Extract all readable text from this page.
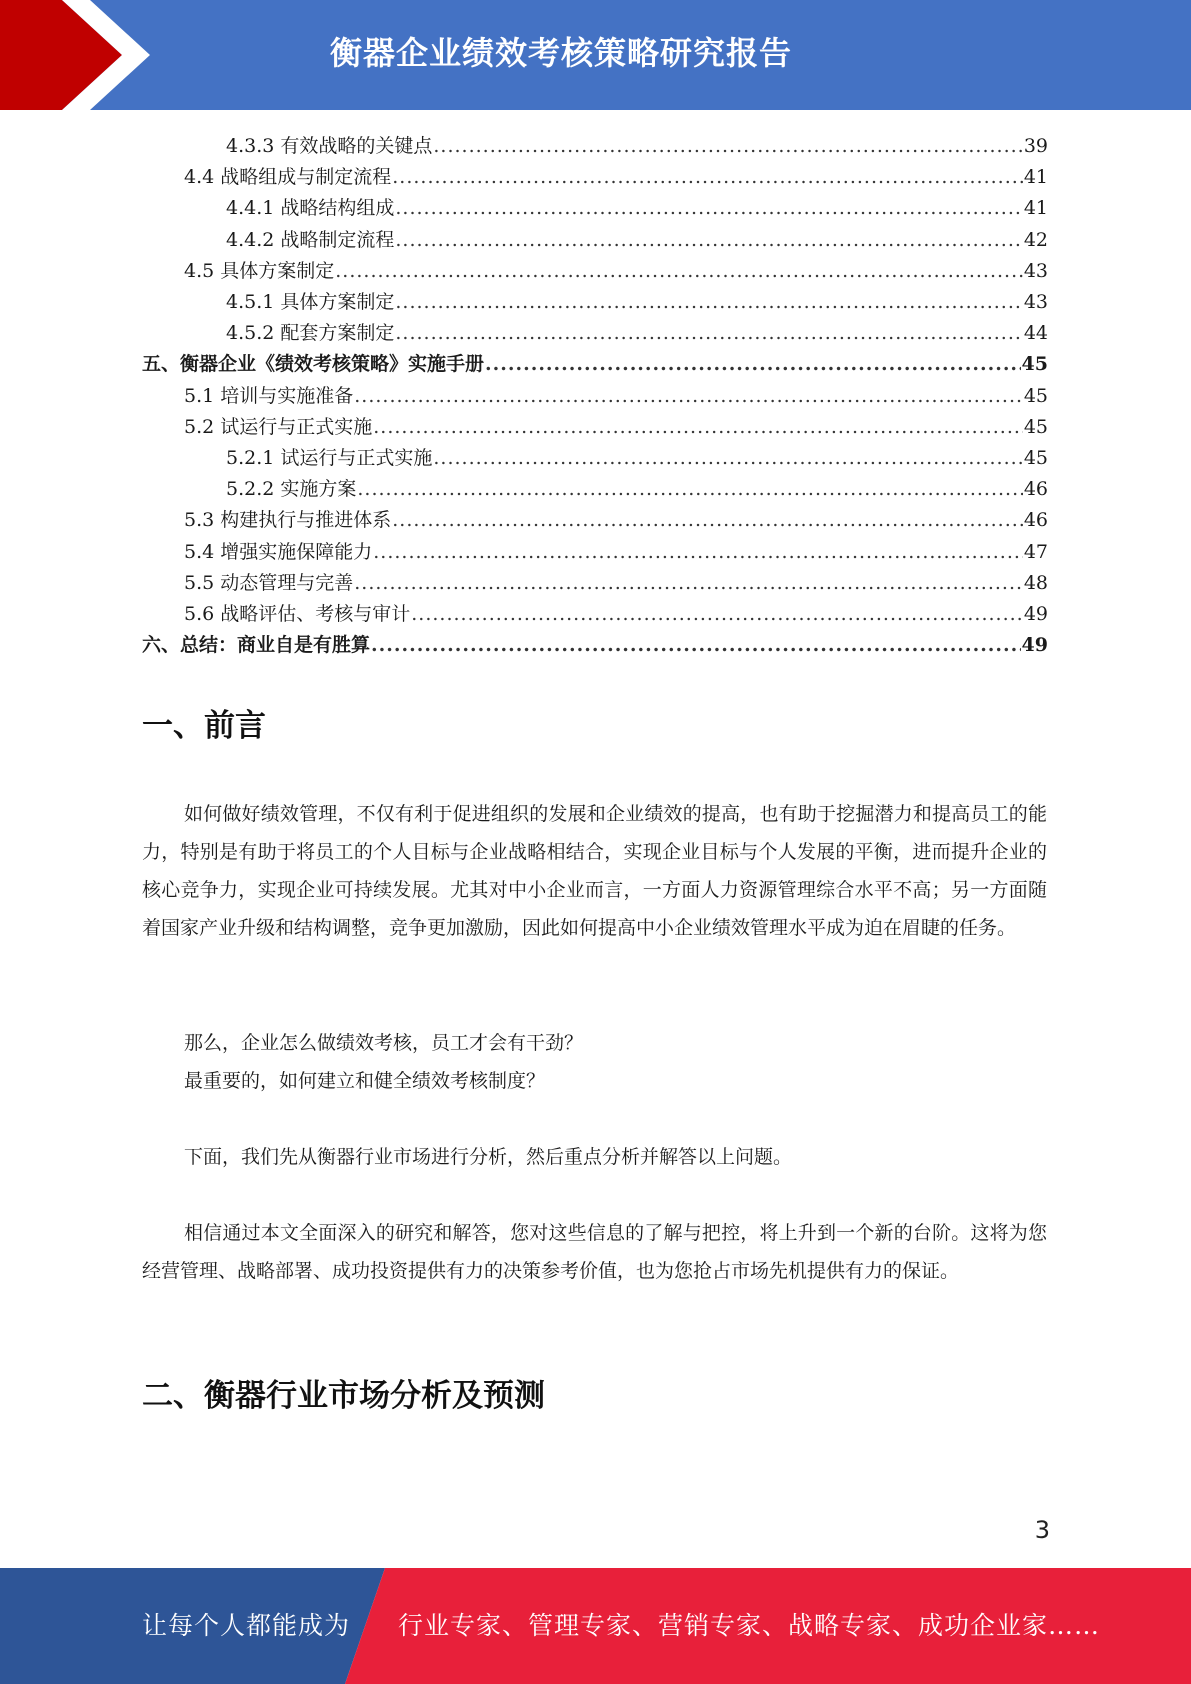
衡器企业绩效考核策略研究报告
4.3.3 有效战略的关键点 .....	39
4.4 战略组成与制定流程 .....	41
4.4.1 战略结构组成 .....	41
4.4.2 战略制定流程 .....	42
4.5 具体方案制定 .....	43
4.5.1 具体方案制定 .....	43
4.5.2 配套方案制定 .....	44
五、衡器企业《绩效考核策略》实施手册 .....	45
5.1 培训与实施准备 .....	45
5.2 试运行与正式实施 .....	45
5.2.1 试运行与正式实施 .....	45
5.2.2 实施方案 .....	46
5.3 构建执行与推进体系 .....	46
5.4 增强实施保障能力 .....	47
5.5 动态管理与完善 .....	48
5.6 战略评估、考核与审计 .....	49
六、总结：商业自是有胜算 .....	49
一、前言

如何做好绩效管理，不仅有利于促进组织的发展和企业绩效的提高，也有助于挖掘潜力和提高员工的能力，特别是有助于将员工的个人目标与企业战略相结合，实现企业目标与个人发展的平衡，进而提升企业的核心竞争力，实现企业可持续发展。尤其对中小企业而言，一方面人力资源管理综合水平不高；另一方面随着国家产业升级和结构调整，竞争更加激励，因此如何提高中小企业绩效管理水平成为迫在眉睫的任务。

那么，企业怎么做绩效考核，员工才会有干劲？
最重要的，如何建立和健全绩效考核制度？
下面，我们先从衡器行业市场进行分析，然后重点分析并解答以上问题。

相信通过本文全面深入的研究和解答，您对这些信息的了解与把控，将上升到一个新的台阶。这将为您经营管理、战略部署、成功投资提供有力的决策参考价值，也为您抢占市场先机提供有力的保证。

二、衡器行业市场分析及预测
3
让每个人都能成为 行业专家、管理专家、营销专家、战略专家、成功企业家……
